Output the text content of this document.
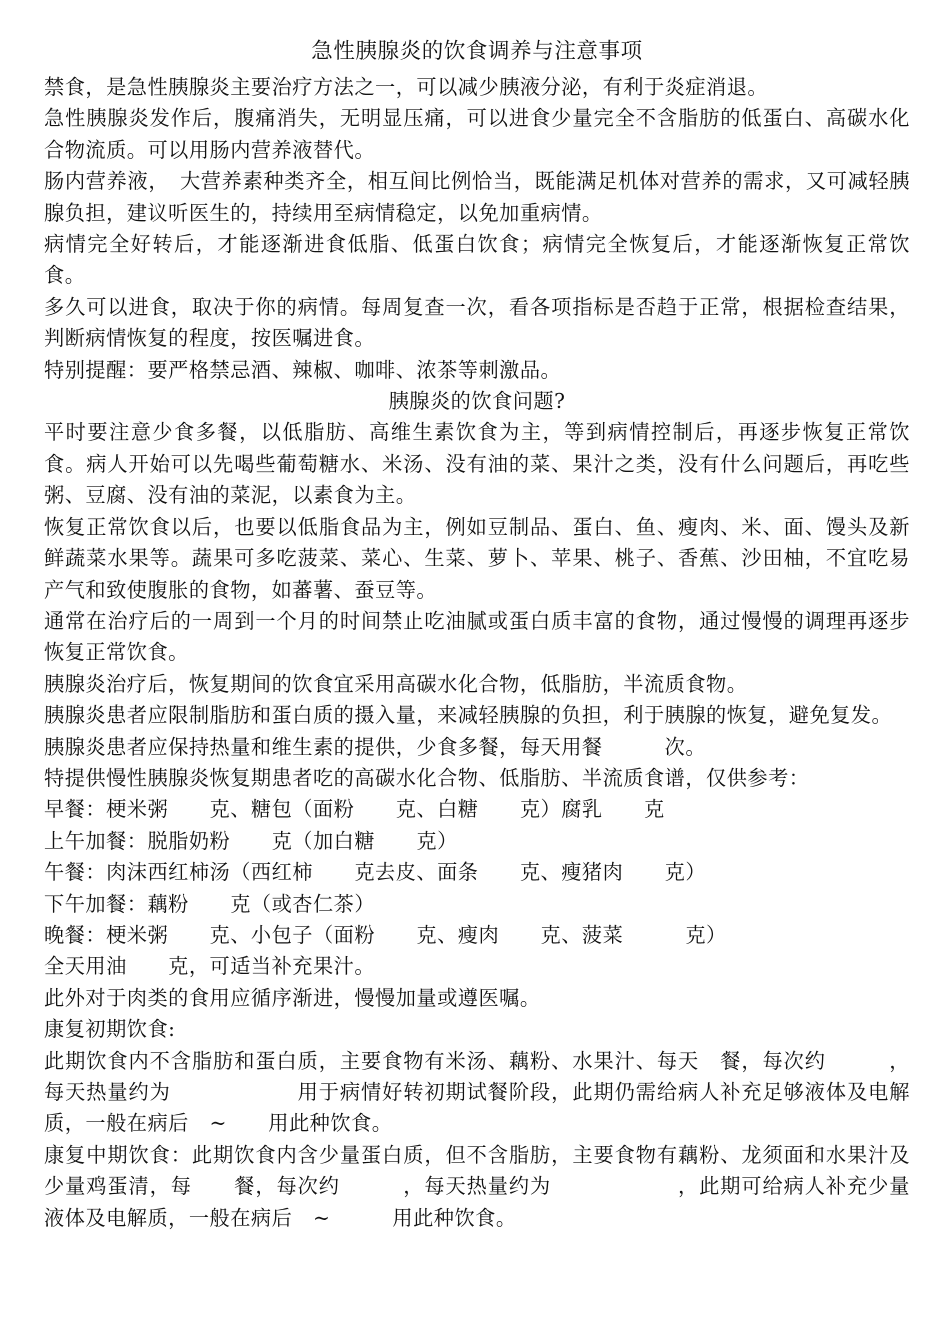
急性胰腺炎的饮食调养与注意事项

禁食，是急性胰腺炎主要治疗方法之一，可以减少胰液分泌，有利于炎症消退。

急性胰腺炎发作后，腹痛消失，无明显压痛，可以进食少量完全不含脂肪的低蛋白、高碳水化合物流质。可以用肠内营养液替代。

肠内营养液，　大营养素种类齐全，相互间比例恰当，既能满足机体对营养的需求，又可减轻胰腺负担，建议听医生的，持续用至病情稳定，以免加重病情。

病情完全好转后，才能逐渐进食低脂、低蛋白饮食；病情完全恢复后，才能逐渐恢复正常饮食。

多久可以进食，取决于你的病情。每周复查一次，看各项指标是否趋于正常，根据检查结果，判断病情恢复的程度，按医嘱进食。

特别提醒：要严格禁忌酒、辣椒、咖啡、浓茶等刺激品。

胰腺炎的饮食问题?

平时要注意少食多餐，以低脂肪、高维生素饮食为主，等到病情控制后，再逐步恢复正常饮食。病人开始可以先喝些葡萄糖水、米汤、没有油的菜、果汁之类，没有什么问题后，再吃些粥、豆腐、没有油的菜泥，以素食为主。

恢复正常饮食以后，也要以低脂食品为主，例如豆制品、蛋白、鱼、瘦肉、米、面、馒头及新鲜蔬菜水果等。蔬果可多吃菠菜、菜心、生菜、萝卜、苹果、桃子、香蕉、沙田柚，不宜吃易产气和致使腹胀的食物，如蕃薯、蚕豆等。

通常在治疗后的一周到一个月的时间禁止吃油腻或蛋白质丰富的食物，通过慢慢的调理再逐步恢复正常饮食。

胰腺炎治疗后，恢复期间的饮食宜采用高碳水化合物，低脂肪，半流质食物。

胰腺炎患者应限制脂肪和蛋白质的摄入量，来减轻胰腺的负担，利于胰腺的恢复，避免复发。

胰腺炎患者应保持热量和维生素的提供，少食多餐，每天用餐　　　次。

特提供慢性胰腺炎恢复期患者吃的高碳水化合物、低脂肪、半流质食谱，仅供参考：

早餐：梗米粥　　克、糖包（面粉　　克、白糖　　克）腐乳　　克

上午加餐：脱脂奶粉　　克（加白糖　　克）

午餐：肉沫西红柿汤（西红柿　　克去皮、面条　　克、瘦猪肉　　克）

下午加餐：藕粉　　克（或杏仁茶）

晚餐：梗米粥　　克、小包子（面粉　　克、瘦肉　　克、菠菜　　　克）

全天用油　　克，可适当补充果汁。

此外对于肉类的食用应循序渐进，慢慢加量或遵医嘱。

康复初期饮食:

此期饮食内不含脂肪和蛋白质，主要食物有米汤、藕粉、水果汁、每天　餐，每次约　　　，每天热量约为　　　　　　用于病情好转初期试餐阶段，此期仍需给病人补充足够液体及电解质，一般在病后　~　　用此种饮食。

康复中期饮食：此期饮食内含少量蛋白质，但不含脂肪，主要食物有藕粉、龙须面和水果汁及少量鸡蛋清，每　　餐，每次约　　　，每天热量约为　　　　　　，此期可给病人补充少量液体及电解质，一般在病后　~　　　用此种饮食。
